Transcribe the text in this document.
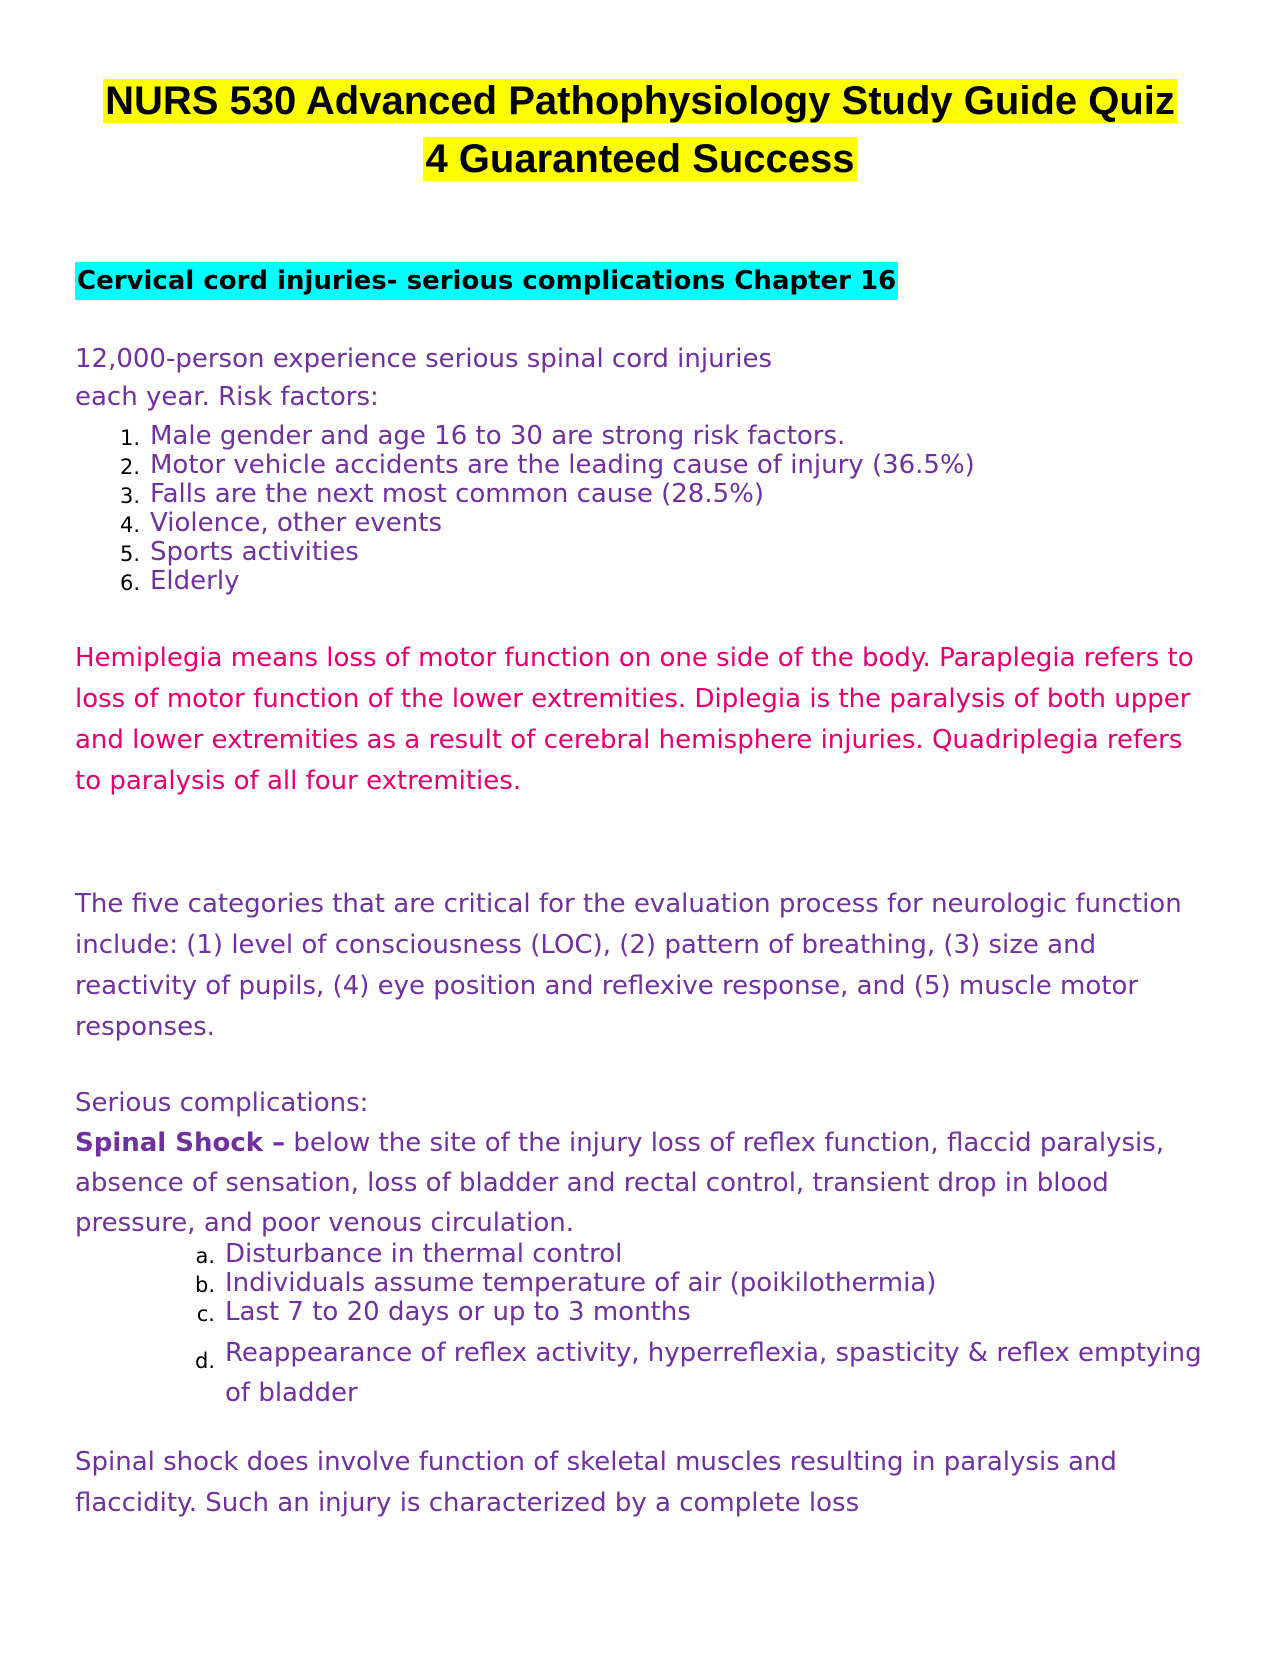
NURS 530 Advanced Pathophysiology Study Guide Quiz
4 Guaranteed Success
Cervical cord injuries- serious complications Chapter 16

12,000-person experience serious spinal cord injuries
each year. Risk factors:

1. Male gender and age 16 to 30 are strong risk factors.
2. Motor vehicle accidents are the leading cause of injury (36.5%)
3. Falls are the next most common cause (28.5%)
4. Violence, other events
5. Sports activities
6. Elderly

Hemiplegia means loss of motor function on one side of the body. Paraplegia refers to loss of motor function of the lower extremities. Diplegia is the paralysis of both upper and lower extremities as a result of cerebral hemisphere injuries. Quadriplegia refers to paralysis of all four extremities.

The five categories that are critical for the evaluation process for neurologic function include: (1) level of consciousness (LOC), (2) pattern of breathing, (3) size and reactivity of pupils, (4) eye position and reflexive response, and (5) muscle motor responses.

Serious complications:
Spinal Shock – below the site of the injury loss of reflex function, flaccid paralysis, absence of sensation, loss of bladder and rectal control, transient drop in blood pressure, and poor venous circulation.

a. Disturbance in thermal control
b. Individuals assume temperature of air (poikilothermia)
c. Last 7 to 20 days or up to 3 months
d. Reappearance of reflex activity, hyperreflexia, spasticity & reflex emptying of bladder

Spinal shock does involve function of skeletal muscles resulting in paralysis and flaccidity. Such an injury is characterized by a complete loss
